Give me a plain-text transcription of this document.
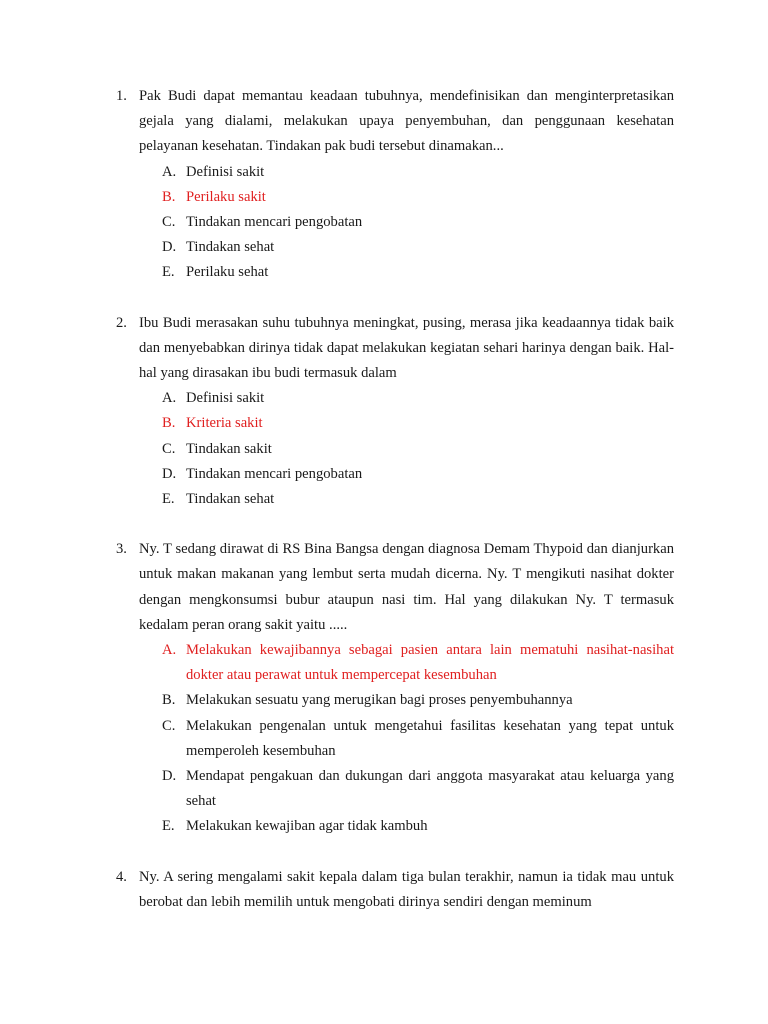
1. Pak Budi dapat memantau keadaan tubuhnya, mendefinisikan dan menginterpretasikan gejala yang dialami, melakukan upaya penyembuhan, dan penggunaan kesehatan pelayanan kesehatan. Tindakan pak budi tersebut dinamakan...
A. Definisi sakit
B. Perilaku sakit
C. Tindakan mencari pengobatan
D. Tindakan sehat
E. Perilaku sehat
2. Ibu Budi merasakan suhu tubuhnya meningkat, pusing, merasa jika keadaannya tidak baik dan menyebabkan dirinya tidak dapat melakukan kegiatan sehari harinya dengan baik. Hal-hal yang dirasakan ibu budi termasuk dalam
A. Definisi sakit
B. Kriteria sakit
C. Tindakan sakit
D. Tindakan mencari pengobatan
E. Tindakan sehat
3. Ny. T sedang dirawat di RS Bina Bangsa dengan diagnosa Demam Thypoid dan dianjurkan untuk makan makanan yang lembut serta mudah dicerna. Ny. T mengikuti nasihat dokter dengan mengkonsumsi bubur ataupun nasi tim. Hal yang dilakukan Ny. T termasuk kedalam peran orang sakit yaitu .....
A. Melakukan kewajibannya sebagai pasien antara lain mematuhi nasihat-nasihat dokter atau perawat untuk mempercepat kesembuhan
B. Melakukan sesuatu yang merugikan bagi proses penyembuhannya
C. Melakukan pengenalan untuk mengetahui fasilitas kesehatan yang tepat untuk memperoleh kesembuhan
D. Mendapat pengakuan dan dukungan dari anggota masyarakat atau keluarga yang sehat
E. Melakukan kewajiban agar tidak kambuh
4. Ny. A sering mengalami sakit kepala dalam tiga bulan terakhir, namun ia tidak mau untuk berobat dan lebih memilih untuk mengobati dirinya sendiri dengan meminum
